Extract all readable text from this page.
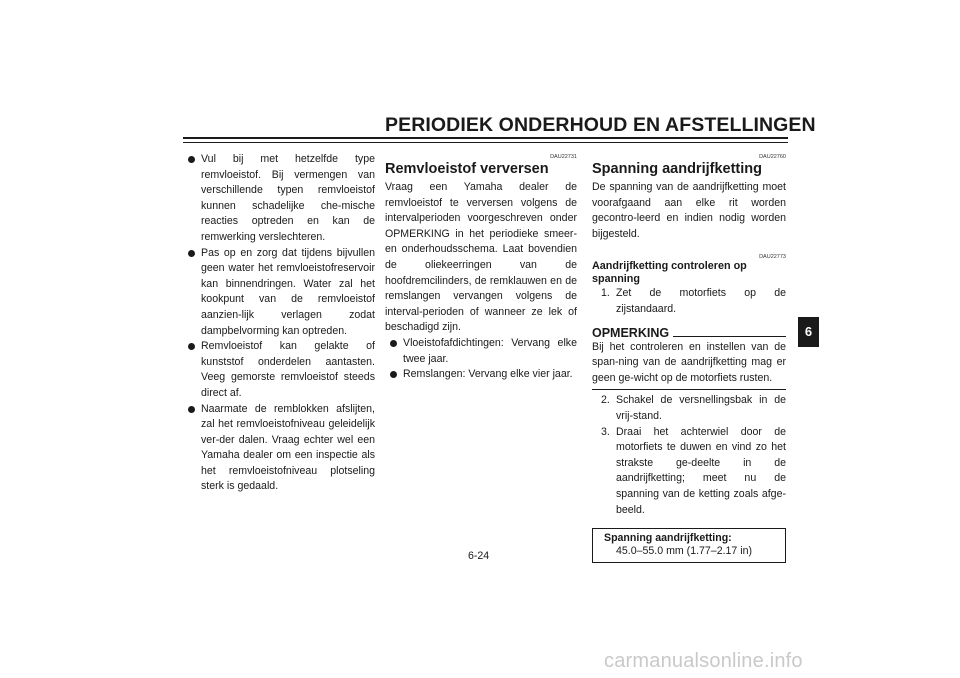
PERIODIEK ONDERHOUD EN AFSTELLINGEN
Vul bij met hetzelfde type remvloeistof. Bij vermengen van verschillende typen remvloeistof kunnen schadelijke che-mische reacties optreden en kan de remwerking verslechteren.
Pas op en zorg dat tijdens bijvullen geen water het remvloeistofreservoir kan binnendringen. Water zal het kookpunt van de remvloeistof aanzien-lijk verlagen zodat dampbelvorming kan optreden.
Remvloeistof kan gelakte of kunststof onderdelen aantasten. Veeg gemorste remvloeistof steeds direct af.
Naarmate de remblokken afslijten, zal het remvloeistofniveau geleidelijk ver-der dalen. Vraag echter wel een Yamaha dealer om een inspectie als het remvloeistofniveau plotseling sterk is gedaald.
DAU22731
Remvloeistof verversen

Vraag een Yamaha dealer de remvloeistof te verversen volgens de intervalperioden voorgeschreven onder OPMERKING in het periodieke smeer- en onderhoudsschema. Laat bovendien de oliekeerringen van de hoofdremcilinders, de remklauwen en de remslangen vervangen volgens de interval-perioden of wanneer ze lek of beschadigd zijn.

Vloeistofafdichtingen: Vervang elke twee jaar.
Remslangen: Vervang elke vier jaar.
DAU22760
Spanning aandrijfketting

De spanning van de aandrijfketting moet voorafgaand aan elke rit worden gecontro-leerd en indien nodig worden bijgesteld.

DAU22773
Aandrijfketting controleren op spanning
1. Zet de motorfiets op de zijstandaard.
OPMERKING

Bij het controleren en instellen van de span-ning van de aandrijfketting mag er geen ge-wicht op de motorfiets rusten.

2. Schakel de versnellingsbak in de vrij-stand.
3. Draai het achterwiel door de motorfiets te duwen en vind zo het strakste ge-deelte in de aandrijfketting; meet nu de spanning van de ketting zoals afge-beeld.
Spanning aandrijfketting:
45.0–55.0 mm (1.77–2.17 in)
6-24
6
carmanualsonline.info
